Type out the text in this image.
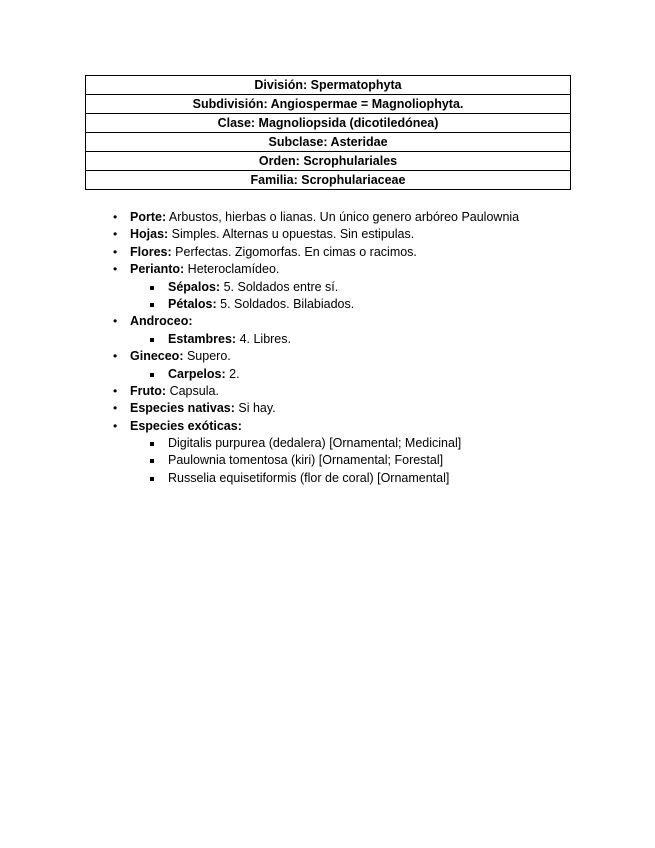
División: Spermatophyta
Subdivisión: Angiospermae = Magnoliophyta.
Clase: Magnoliopsida (dicotiledónea)
Subclase: Asteridae
Orden: Scrophulariales
Familia: Scrophulariaceae
• Porte: Arbustos, hierbas o lianas. Un único genero arbóreo Paulownia
• Hojas: Simples. Alternas u opuestas. Sin estipulas.
• Flores: Perfectas. Zigomorfas. En cimas o racimos.
• Perianto: Heteroclamídeo.
Sépalos: 5. Soldados entre sí.
Pétalos: 5. Soldados. Bilabiados.
• Androceo:
Estambres: 4. Libres.
• Gineceo: Supero.
Carpelos: 2.
• Fruto: Capsula.
• Especies nativas: Si hay.
• Especies exóticas:
Digitalis purpurea (dedalera) [Ornamental; Medicinal]
Paulownia tomentosa (kiri) [Ornamental; Forestal]
Russelia equisetiformis (flor de coral) [Ornamental]
